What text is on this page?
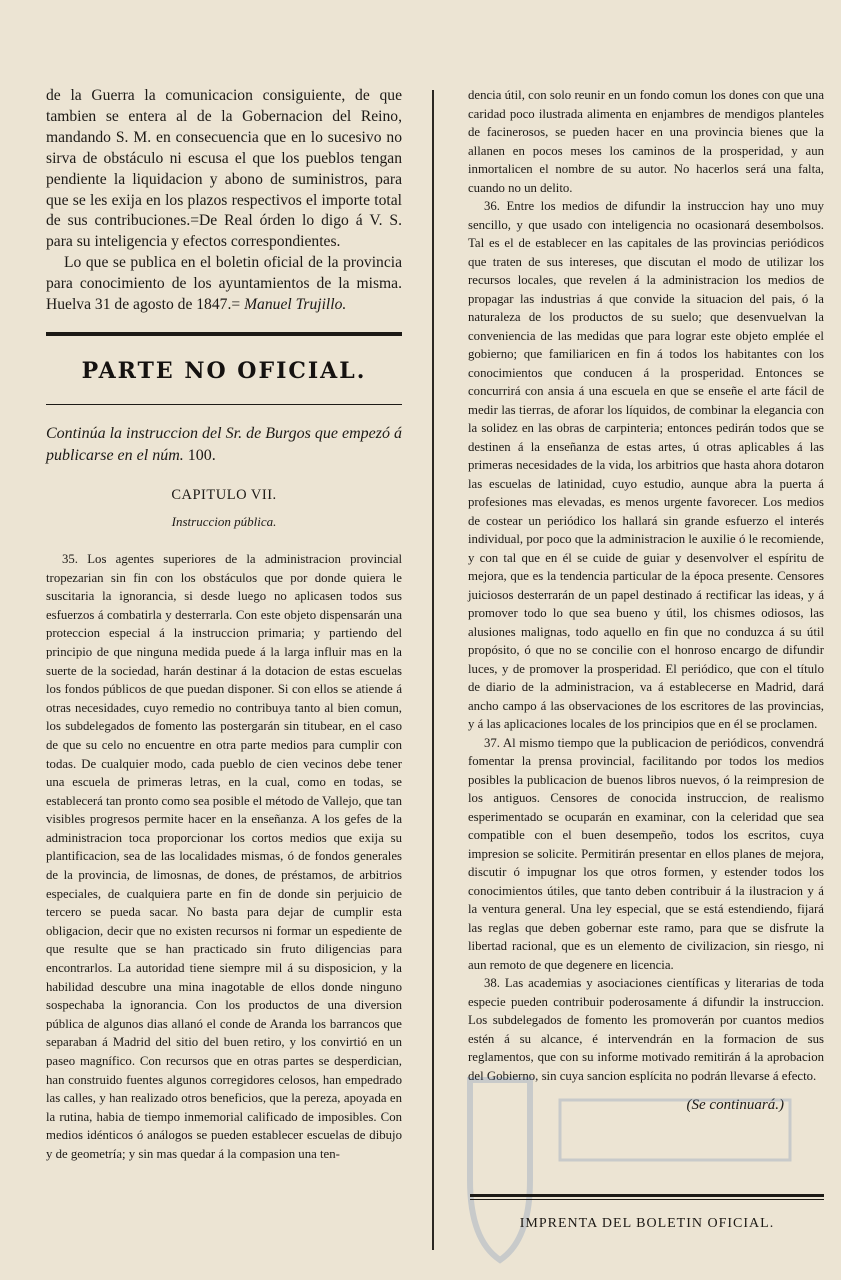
de la Guerra la comunicacion consiguiente, de que tambien se entera al de la Gobernacion del Reino, mandando S. M. en consecuencia que en lo sucesivo no sirva de obstáculo ni escusa el que los pueblos tengan pendiente la liquidacion y abono de suministros, para que se les exija en los plazos respectivos el importe total de sus contribuciones.=De Real órden lo digo á V. S. para su inteligencia y efectos correspondientes.

Lo que se publica en el boletin oficial de la provincia para conocimiento de los ayuntamientos de la misma. Huelva 31 de agosto de 1847.= Manuel Trujillo.

PARTE NO OFICIAL.
Continúa la instruccion del Sr. de Burgos que empezó á publicarse en el núm. 100.
CAPITULO VII.
Instruccion pública.

35. Los agentes superiores de la administracion provincial tropezarian sin fin con los obstáculos que por donde quiera le suscitaria la ignorancia, si desde luego no aplicasen todos sus esfuerzos á combatirla y desterrarla. Con este objeto dispensarán una proteccion especial á la instruccion primaria; y partiendo del principio de que ninguna medida puede á la larga influir mas en la suerte de la sociedad, harán destinar á la dotacion de estas escuelas los fondos públicos de que puedan disponer. Si con ellos se atiende á otras necesidades, cuyo remedio no contribuya tanto al bien comun, los subdelegados de fomento las postergarán sin titubear, en el caso de que su celo no encuentre en otra parte medios para cumplir con todas. De cualquier modo, cada pueblo de cien vecinos debe tener una escuela de primeras letras, en la cual, como en todas, se establecerá tan pronto como sea posible el método de Vallejo, que tan visibles progresos permite hacer en la enseñanza. A los gefes de la administracion toca proporcionar los cortos medios que exija su plantificacion, sea de las localidades mismas, ó de fondos generales de la provincia, de limosnas, de dones, de préstamos, de arbitrios especiales, de cualquiera parte en fin de donde sin perjuicio de tercero se pueda sacar. No basta para dejar de cumplir esta obligacion, decir que no existen recursos ni formar un espediente de que resulte que se han practicado sin fruto diligencias para encontrarlos. La autoridad tiene siempre mil á su disposicion, y la habilidad descubre una mina inagotable de ellos donde ninguno sospechaba la ignorancia. Con los productos de una diversion pública de algunos dias allanó el conde de Aranda los barrancos que separaban á Madrid del sitio del buen retiro, y los convirtió en un paseo magnífico. Con recursos que en otras partes se desperdician, han construido fuentes algunos corregidores celosos, han empedrado las calles, y han realizado otros beneficios, que la pereza, apoyada en la rutina, habia de tiempo inmemorial calificado de imposibles. Con medios idénticos ó análogos se pueden establecer escuelas de dibujo y de geometría; y sin mas quedar á la compasion una ten-

dencia útil, con solo reunir en un fondo comun los dones con que una caridad poco ilustrada alimenta en enjambres de mendigos planteles de facinerosos, se pueden hacer en una provincia bienes que la allanen en pocos meses los caminos de la prosperidad, y aun inmortalicen el nombre de su autor. No hacerlos será una falta, cuando no un delito.

36. Entre los medios de difundir la instruccion hay uno muy sencillo, y que usado con inteligencia no ocasionará desembolsos. Tal es el de establecer en las capitales de las provincias periódicos que traten de sus intereses, que discutan el modo de utilizar los recursos locales, que revelen á la administracion los medios de propagar las industrias á que convide la situacion del pais, ó la naturaleza de los productos de su suelo; que desenvuelvan la conveniencia de las medidas que para lograr este objeto emplée el gobierno; que familiaricen en fin á todos los habitantes con los conocimientos que conducen á la prosperidad. Entonces se concurrirá con ansia á una escuela en que se enseñe el arte fácil de medir las tierras, de aforar los líquidos, de combinar la elegancia con la solidez en las obras de carpinteria; entonces pedirán todos que se destinen á la enseñanza de estas artes, ú otras aplicables á las primeras necesidades de la vida, los arbitrios que hasta ahora dotaron las escuelas de latinidad, cuyo estudio, aunque abra la puerta á profesiones mas elevadas, es menos urgente favorecer. Los medios de costear un periódico los hallará sin grande esfuerzo el interés individual, por poco que la administracion le auxilie ó le recomiende, y con tal que en él se cuide de guiar y desenvolver el espíritu de mejora, que es la tendencia particular de la época presente. Censores juiciosos desterrarán de un papel destinado á rectificar las ideas, y á promover todo lo que sea bueno y útil, los chismes odiosos, las alusiones malignas, todo aquello en fin que no conduzca á su útil propósito, ó que no se concilie con el honroso encargo de difundir luces, y de promover la prosperidad. El periódico, que con el título de diario de la administracion, va á establecerse en Madrid, dará ancho campo á las observaciones de los escritores de las provincias, y á las aplicaciones locales de los principios que en él se proclamen.

37. Al mismo tiempo que la publicacion de periódicos, convendrá fomentar la prensa provincial, facilitando por todos los medios posibles la publicacion de buenos libros nuevos, ó la reimpresion de los antiguos. Censores de conocida instruccion, de realismo esperimentado se ocuparán en examinar, con la celeridad que sea compatible con el buen desempeño, todos los escritos, cuya impresion se solicite. Permitirán presentar en ellos planes de mejora, discutir ó impugnar los que otros formen, y estender todos los conocimientos útiles, que tanto deben contribuir á la ilustracion y á la ventura general. Una ley especial, que se está estendiendo, fijará las reglas que deben gobernar este ramo, para que se disfrute la libertad racional, que es un elemento de civilizacion, sin riesgo, ni aun remoto de que degenere en licencia.

38. Las academias y asociaciones científicas y literarias de toda especie pueden contribuir poderosamente á difundir la instruccion. Los subdelegados de fomento les promoverán por cuantos medios estén á su alcance, é intervendrán en la formacion de sus reglamentos, que con su informe motivado remitirán á la aprobacion del Gobierno, sin cuya sancion esplícita no podrán llevarse á efecto.

(Se continuará.)
IMPRENTA DEL BOLETIN OFICIAL.
